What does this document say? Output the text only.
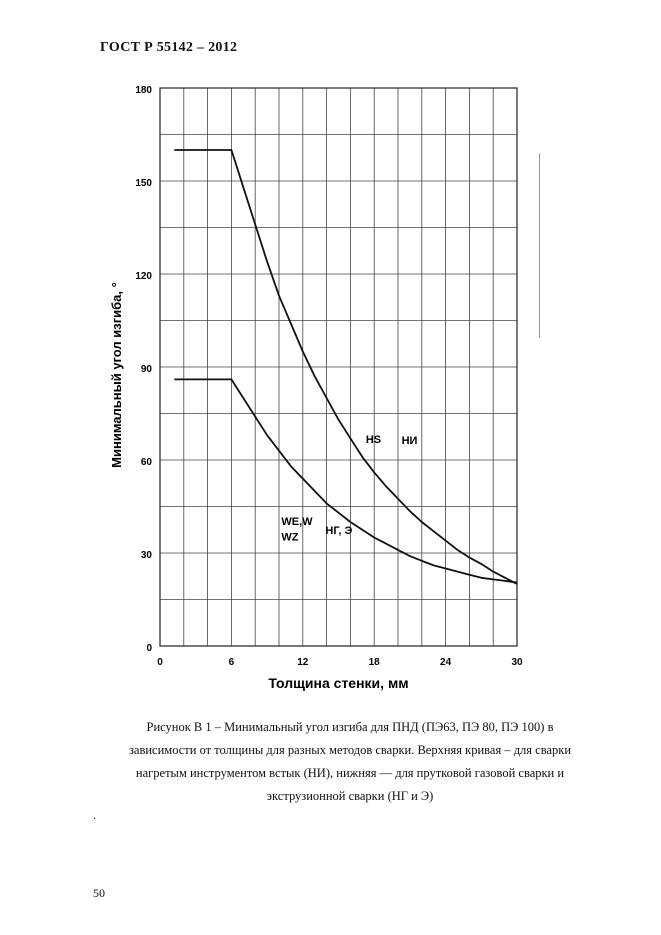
ГОСТ Р 55142 – 2012
0	6	12	18	24	30
0
30
60
90
120
150
180
HS НИ
WE,W
WZ
НГ, Э
Толщина стенки, мм
Минимальный угол изгиба, °
Рисунок В 1 – Минимальный угол изгиба для ПНД (ПЭ63, ПЭ 80, ПЭ 100) в
зависимости от толщины для разных методов сварки. Верхняя кривая – для сварки
нагретым инструментом встык (НИ), нижняя — для прутковой газовой сварки и
экструзионной сварки (НГ и Э)
.
50
